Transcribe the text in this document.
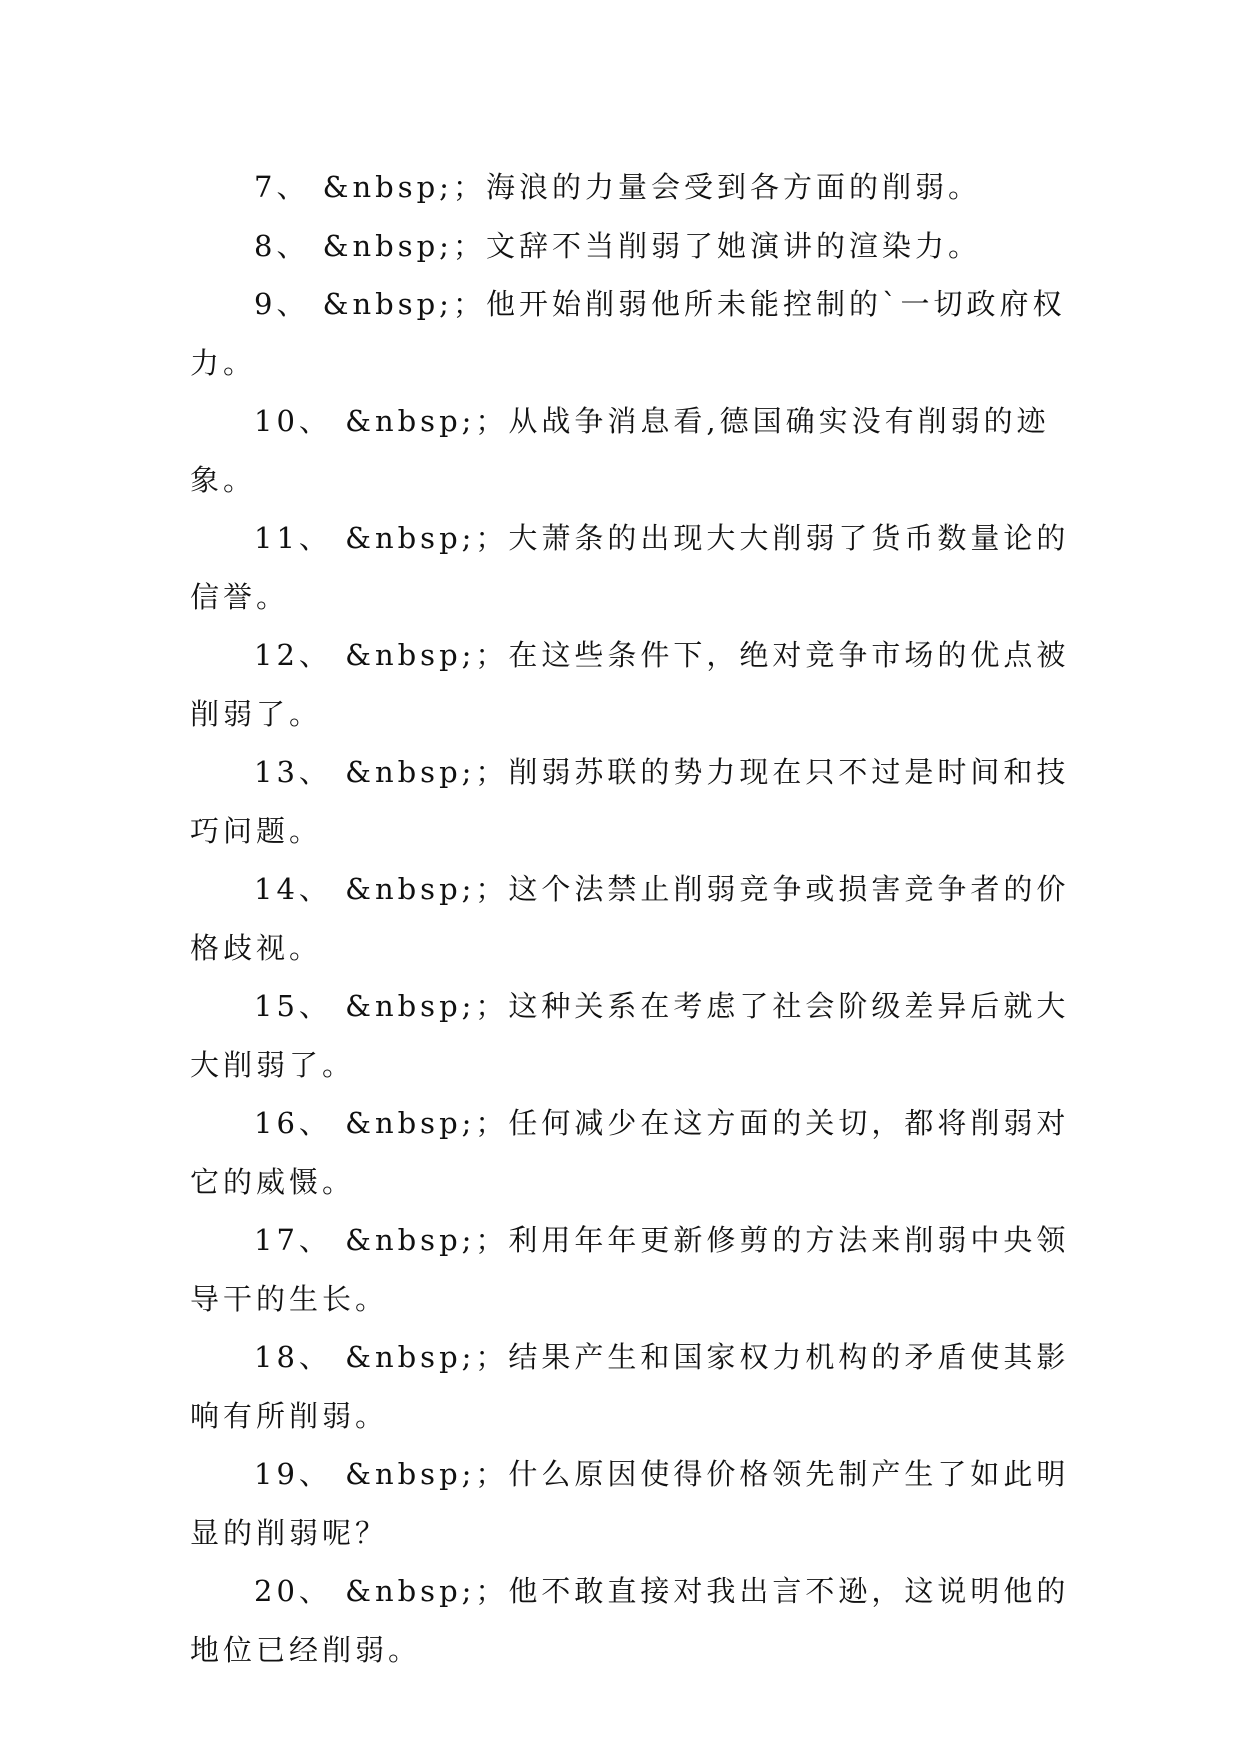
7、 &nbsp;；海浪的力量会受到各方面的削弱。

8、 &nbsp;；文辞不当削弱了她演讲的渲染力。

9、 &nbsp;；他开始削弱他所未能控制的`一切政府权力。

10、 &nbsp;；从战争消息看,德国确实没有削弱的迹象。

11、 &nbsp;；大萧条的出现大大削弱了货币数量论的信誉。

12、 &nbsp;；在这些条件下，绝对竞争市场的优点被削弱了。

13、 &nbsp;；削弱苏联的势力现在只不过是时间和技巧问题。

14、 &nbsp;；这个法禁止削弱竞争或损害竞争者的价格歧视。

15、 &nbsp;；这种关系在考虑了社会阶级差异后就大大削弱了。

16、 &nbsp;；任何减少在这方面的关切，都将削弱对它的威慑。

17、 &nbsp;；利用年年更新修剪的方法来削弱中央领导干的生长。

18、 &nbsp;；结果产生和国家权力机构的矛盾使其影响有所削弱。

19、 &nbsp;；什么原因使得价格领先制产生了如此明显的削弱呢？

20、 &nbsp;；他不敢直接对我出言不逊，这说明他的地位已经削弱。
